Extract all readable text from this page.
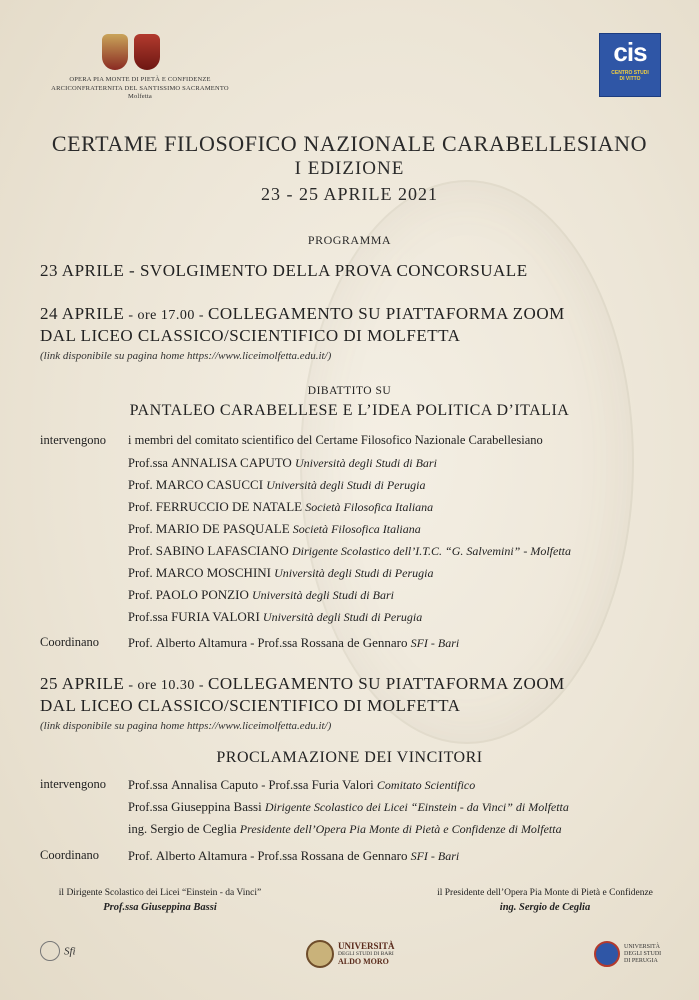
OPERA PIA MONTE DI PIETÀ E CONFIDENZE
ARCICONFRATERNITA DEL SANTISSIMO SACRAMENTO
Molfetta
cis
CENTRO STUDI
DI VITTO
CERTAME FILOSOFICO NAZIONALE CARABELLESIANO
I EDIZIONE
23 - 25 APRILE 2021
PROGRAMMA
23 APRILE - SVOLGIMENTO DELLA PROVA CONCORSUALE
24 APRILE - ore 17.00 - COLLEGAMENTO SU PIATTAFORMA ZOOM
DAL LICEO CLASSICO/SCIENTIFICO DI MOLFETTA
(link disponibile su pagina home https://www.liceimolfetta.edu.it/)
DIBATTITO SU
PANTALEO CARABELLESE E L’IDEA POLITICA D’ITALIA
intervengono i membri del comitato scientifico del Certame Filosofico Nazionale Carabellesiano
Prof.ssa ANNALISA CAPUTO Università degli Studi di Bari
Prof. MARCO CASUCCI Università degli Studi di Perugia
Prof. FERRUCCIO DE NATALE Società Filosofica Italiana
Prof. MARIO DE PASQUALE Società Filosofica Italiana
Prof. SABINO LAFASCIANO Dirigente Scolastico dell’I.T.C. “G. Salvemini” - Molfetta
Prof. MARCO MOSCHINI Università degli Studi di Perugia
Prof. PAOLO PONZIO Università degli Studi di Bari
Prof.ssa FURIA VALORI Università degli Studi di Perugia
Coordinano Prof. Alberto Altamura - Prof.ssa Rossana de Gennaro SFI - Bari
25 APRILE - ore 10.30 - COLLEGAMENTO SU PIATTAFORMA ZOOM
DAL LICEO CLASSICO/SCIENTIFICO DI MOLFETTA
(link disponibile su pagina home https://www.liceimolfetta.edu.it/)
PROCLAMAZIONE DEI VINCITORI
intervengono Prof.ssa Annalisa Caputo - Prof.ssa Furia Valori Comitato Scientifico
Prof.ssa Giuseppina Bassi Dirigente Scolastico dei Licei “Einstein - da Vinci” di Molfetta
ing. Sergio de Ceglia Presidente dell’Opera Pia Monte di Pietà e Confidenze di Molfetta
Coordinano Prof. Alberto Altamura - Prof.ssa Rossana de Gennaro SFI - Bari
il Dirigente Scolastico dei Licei “Einstein - da Vinci”
Prof.ssa Giuseppina Bassi
il Presidente dell’Opera Pia Monte di Pietà e Confidenze
ing. Sergio de Ceglia
Sfi
	UNIVERSITÀ
DEGLI STUDI DI BARI
ALDO MORO

UNIVERSITÀ
DEGLI STUDI
DI PERUGIA
